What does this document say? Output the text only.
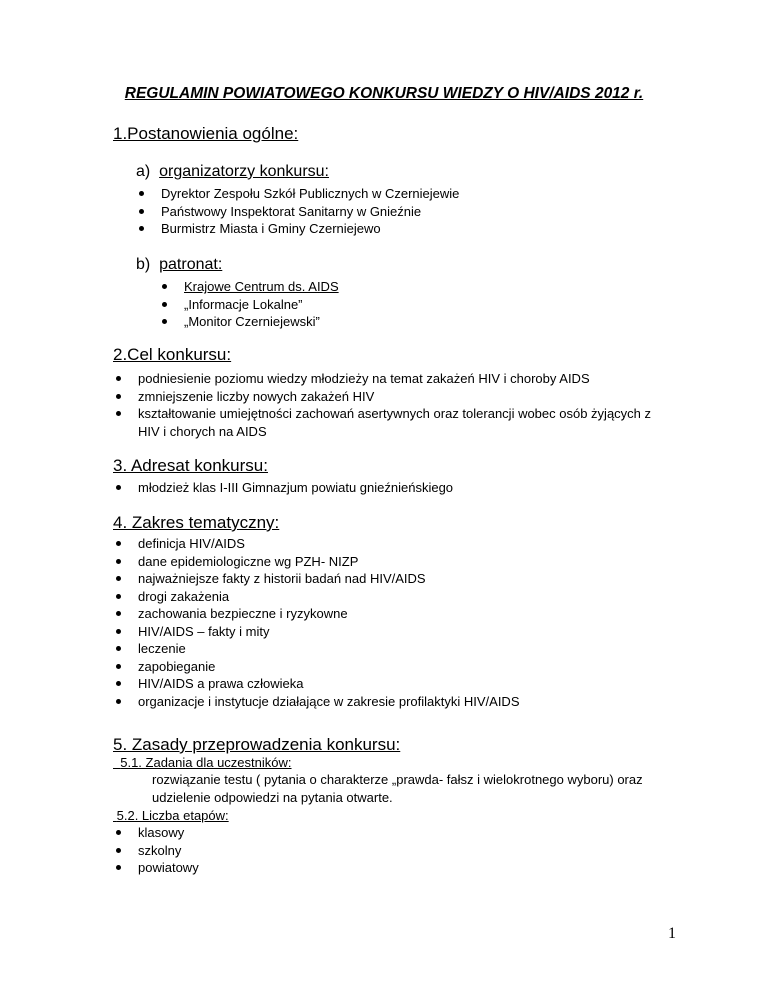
REGULAMIN POWIATOWEGO KONKURSU WIEDZY O HIV/AIDS 2012 r.
1.Postanowienia ogólne:
a) organizatorzy konkursu:
Dyrektor Zespołu Szkół Publicznych w Czerniejewie
Państwowy Inspektorat Sanitarny w Gnieźnie
Burmistrz Miasta i Gminy Czerniejewo
b) patronat:
Krajowe Centrum ds. AIDS
„Informacje Lokalne”
„Monitor Czerniejewski”
2.Cel konkursu:
podniesienie poziomu wiedzy młodzieży na temat zakażeń HIV i choroby AIDS
zmniejszenie liczby nowych zakażeń HIV
kształtowanie umiejętności zachowań asertywnych oraz tolerancji wobec osób żyjących z HIV i chorych na AIDS
3. Adresat konkursu:
młodzież klas I-III Gimnazjum powiatu gnieźnieńskiego
4. Zakres tematyczny:
definicja HIV/AIDS
dane epidemiologiczne wg PZH- NIZP
najważniejsze fakty z historii badań nad HIV/AIDS
drogi zakażenia
zachowania bezpieczne i ryzykowne
HIV/AIDS – fakty i mity
leczenie
zapobieganie
HIV/AIDS a prawa człowieka
organizacje i instytucje działające w zakresie profilaktyki HIV/AIDS
5. Zasady przeprowadzenia konkursu:
5.1. Zadania dla uczestników:
rozwiązanie testu ( pytania o charakterze „prawda- fałsz i wielokrotnego wyboru) oraz udzielenie odpowiedzi na pytania otwarte.
5.2. Liczba etapów:
klasowy
szkolny
powiatowy
1
